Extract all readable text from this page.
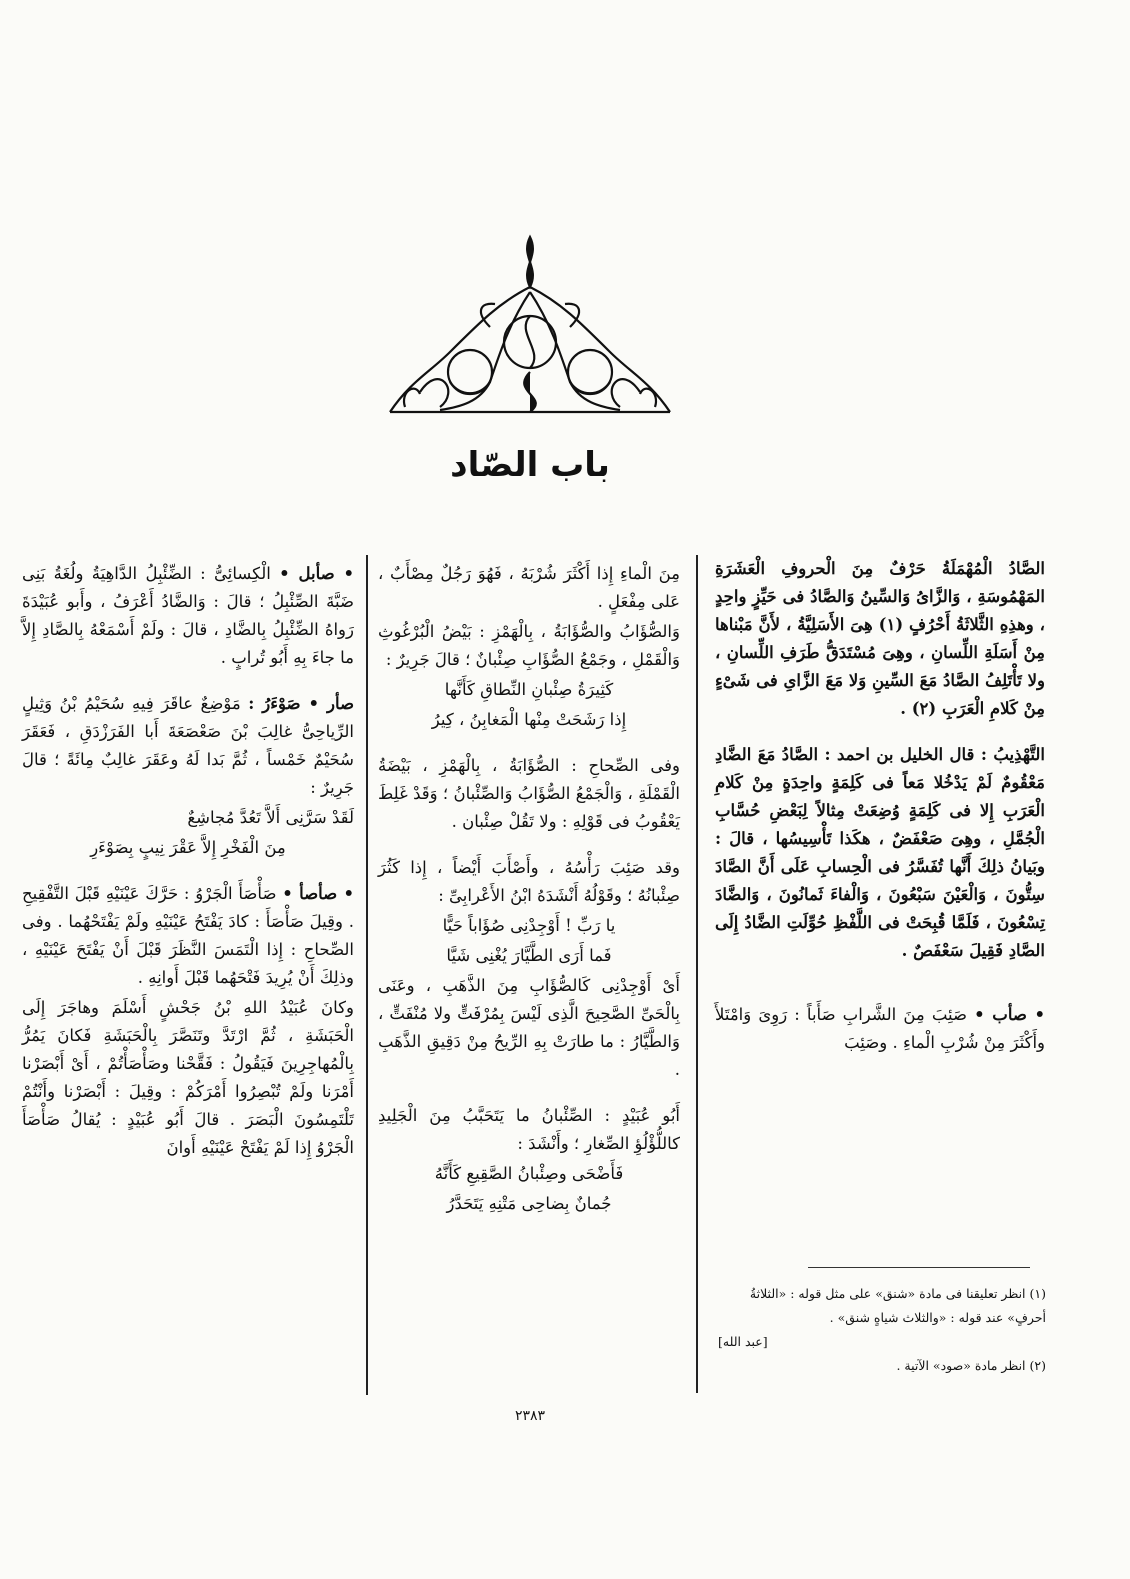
باب الصّاد

الصَّادُ الْمُهْمَلَةُ حَرْفٌ مِنَ الْحروفِ الْعَشَرَةِ المَهْمُوسَةِ ، وَالزَّاىُ وَالسِّينُ وَالصَّادُ فى حَيِّزٍ واحِدٍ ، وهذِهِ الثَّلاثَةُ أَحْرُفٍ (١) هِىَ الأَسَلِيَّةُ ، لأَنَّ مَبْناها مِنْ أَسَلَةِ اللِّسانِ ، وهِىَ مُسْتَدَقُّ طَرَفِ اللِّسانِ ، ولا تَأْتَلِفُ الصَّادُ مَعَ السِّينِ وَلا مَعَ الزَّاىِ فى شَىْءٍ مِنْ كَلامِ الْعَرَبِ (٢) .

التَّهْذِيبُ : قال الخليل بن احمد : الصَّادُ مَعَ الضَّادِ مَعْقُومٌ لَمْ يَدْخُلا مَعاً فى كَلِمَةٍ واحِدَةٍ مِنْ كَلامِ الْعَرَبِ إِلا فى كَلِمَةٍ وُضِعَتْ مِثالاً لِبَعْضِ حُسَّابِ الْجُمَّلِ ، وهِىَ صَعْفَضٌ ، هكَذا تَأْسِيسُها ، قالَ : وبَيانُ ذلِكَ أَنَّها تُفَسَّرُ فى الْحِسابِ عَلَى أَنَّ الصَّادَ سِتُّونَ ، وَالْعَيْنَ سَبْعُونَ ، وَالْفاءَ ثَمانُونَ ، وَالضَّادَ تِسْعُونَ ، فَلَمَّا قُبِحَتْ فى اللَّفْظِ حُوِّلَتِ الضَّادُ إِلَى الصَّادِ فَقِيلَ سَعْفَصٌ .

• صأب • صَئِبَ مِنَ الشَّرابِ صَأَباً : رَوِىَ وَامْتَلأَ وأَكْثَرَ مِنْ شُرْبِ الْماءِ . وصَئِبَ

مِنَ الْماءِ إِذا أَكْثَرَ شُرْبَهُ ، فَهُوَ رَجُلٌ مِصْأَبٌ ، عَلى مِفْعَلٍ .

وَالصُّؤَابُ والصُّؤَابَةُ ، بِالْهَمْزِ : بَيْضُ الْبُرْغُوثِ وَالْقَمْلِ ، وجَمْعُ الصُّؤَابِ صِئْبانٌ ؛ قالَ جَرِيرٌ :

كَثِيرَةُ صِئْبانِ النِّطاقِ كَأَنَّها

إِذا رَشَحَتْ مِنْها الْمَغابِنُ ، كِيرُ

وفى الصِّحاحِ : الصُّؤَابَةُ ، بِالْهَمْزِ ، بَيْضَةُ الْقَمْلَةِ ، وَالْجَمْعُ الصُّؤَابُ وَالصِّئْبانُ ؛ وَقَدْ غَلِطَ يَعْقُوبُ فى قَوْلِهِ : ولا تَقُلْ صِئْبان .

وقد صَئِبَ رَأْسُهُ ، وأَصْأَبَ أَيْضاً ، إِذا كَثُرَ صِئْبانُهُ ؛ وقَوْلُهُ أَنْشَدَهُ ابْنُ الأَعْرابِىِّ :

يا رَبِّ ! أَوْجِدْنِى صُؤَاباً حَيًّا

فَما أَرَى الطَّيَّارَ يُغْنِى شَيَّا

أَىْ أَوْجِدْنِى كَالصُّؤَابِ مِنَ الذَّهَبِ ، وعَنَى بِالْحَىِّ الصَّحِيحَ الَّذِى لَيْسَ بِمُرْفَتٍّ ولا مُنْفَتٍّ ، وَالطَّيَّارُ : ما طارَتْ بِهِ الرِّيحُ مِنْ دَقِيقِ الذَّهَبِ .

أَبُو عُبَيْدٍ : الصِّئْبانُ ما يَتَحَبَّبُ مِنَ الْجَلِيدِ كاللُّؤْلُؤِ الصِّغارِ ؛ وأَنْشَدَ :

فَأَضْحَى وصِئْبانُ الصَّقِيعِ كَأَنَّهُ

جُمانٌ بِضاحِى مَتْنِهِ يَتَحَدَّرُ

• صأبل • الْكِسائِىُّ : الضِّئْبِلُ الدَّاهِيَةُ ولُغَةُ بَنِى ضَبَّةَ الصِّئْبِلُ ؛ قالَ : وَالضَّادُ أَعْرَفُ ، وأَبو عُبَيْدَةَ رَواهُ الضِّئْبِلُ بِالضَّادِ ، قالَ : ولَمْ أَسْمَعْهُ بِالصَّادِ إِلاَّ ما جاءَ بِهِ أَبُو تُرابٍ .

صأر • صَوْءَرُ : مَوْضِعٌ عاقَرَ فِيهِ سُحَيْمُ بْنُ وَثِيلٍ الرِّياحِىُّ غالِبَ بْنَ صَعْصَعَةَ أَبا الفَرَزْدَقِ ، فَعَقَرَ سُحَيْمٌ خَمْساً ، ثُمَّ بَدا لَهُ وعَقَرَ غالِبٌ مِائَةً ؛ قالَ جَرِيرٌ :

لَقَدْ سَرَّنِى أَلاَّ تَعُدَّ مُجاشِعٌ

مِنَ الْفَخْرِ إِلاَّ عَقْرَ نِيبٍ بِصَوْءَرِ

• صأصأ • صَأْصَأَ الْجَرْوُ : حَرَّكَ عَيْنَيْهِ قَبْلَ التَّفْقِيحِ . وقِيلَ صَأْصَأَ : كادَ يَفْتَحُ عَيْنَيْهِ ولَمْ يَفْتَحْهُما . وفى الصِّحاحِ : إِذا الْتَمَسَ النَّظَرَ قَبْلَ أَنْ يَفْتَحَ عَيْنَيْهِ ، وذلِكَ أَنْ يُرِيدَ فَتْحَهُما قَبْلَ أَوانِهِ .

وكانَ عُبَيْدُ اللهِ بْنُ جَحْشٍ أَسْلَمَ وهاجَرَ إِلَى الْحَبَشَةِ ، ثُمَّ ارْتَدَّ وتَنَصَّرَ بِالْحَبَشَةِ فَكانَ يَمُرُّ بِالْمُهاجِرِينَ فَيَقُولُ : فَقَّحْنا وصَأْصَأْتُمْ ، أَىْ أَبْصَرْنا أَمْرَنا ولَمْ تُبْصِرُوا أَمْرَكُمْ : وقِيلَ : أَبْصَرْنا وأَنْتُمْ تَلْتَمِسُونَ الْبَصَرَ . قالَ أَبُو عُبَيْدٍ : يُقالُ صَأْصَأَ الْجَرْوُ إِذا لَمْ يَفْتَحْ عَيْنَيْهِ أَوانَ

(١) انظر تعليقنا فى مادة «شنق» على مثل قوله : «الثلاثةُ أحرفٍ» عند قوله : «والثلاث شياهٍ شنق» .

[عبد الله]

(٢) انظر مادة «صود» الآتية .

٢٣٨٣
